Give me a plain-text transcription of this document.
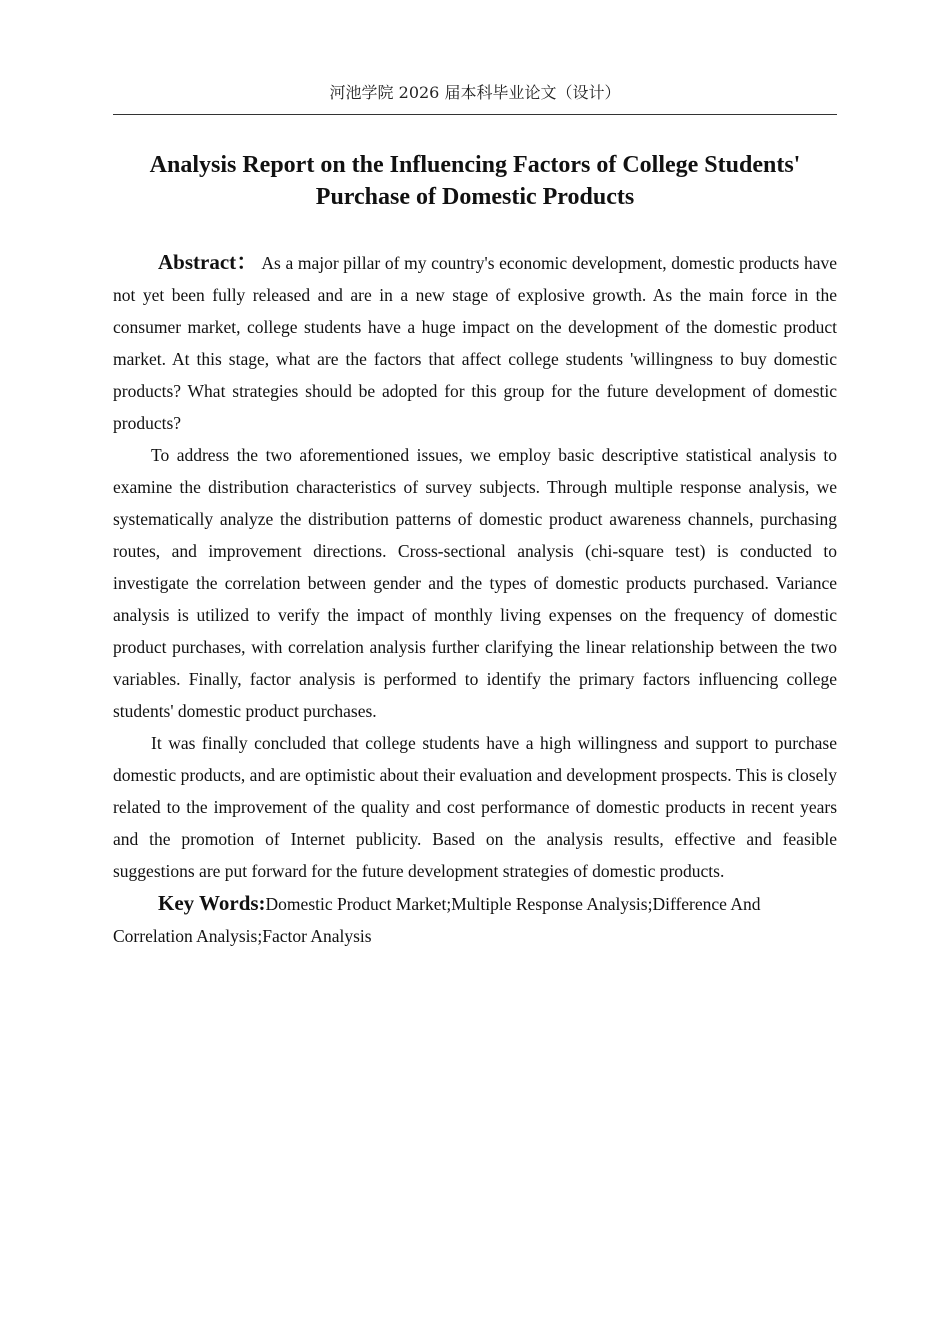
河池学院 2026 届本科毕业论文（设计）
Analysis Report on the Influencing Factors of College Students'
Purchase of Domestic Products

Abstract： As a major pillar of my country's economic development, domestic products have not yet been fully released and are in a new stage of explosive growth. As the main force in the consumer market, college students have a huge impact on the development of the domestic product market. At this stage, what are the factors that affect college students 'willingness to buy domestic products? What strategies should be adopted for this group for the future development of domestic products?

To address the two aforementioned issues, we employ basic descriptive statistical analysis to examine the distribution characteristics of survey subjects. Through multiple response analysis, we systematically analyze the distribution patterns of domestic product awareness channels, purchasing routes, and improvement directions. Cross-sectional analysis (chi-square test) is conducted to investigate the correlation between gender and the types of domestic products purchased. Variance analysis is utilized to verify the impact of monthly living expenses on the frequency of domestic product purchases, with correlation analysis further clarifying the linear relationship between the two variables. Finally, factor analysis is performed to identify the primary factors influencing college students' domestic product purchases.

It was finally concluded that college students have a high willingness and support to purchase domestic products, and are optimistic about their evaluation and development prospects. This is closely related to the improvement of the quality and cost performance of domestic products in recent years and the promotion of Internet publicity. Based on the analysis results, effective and feasible suggestions are put forward for the future development strategies of domestic products.

Key Words:Domestic Product Market;Multiple Response Analysis;Difference And Correlation Analysis;Factor Analysis
